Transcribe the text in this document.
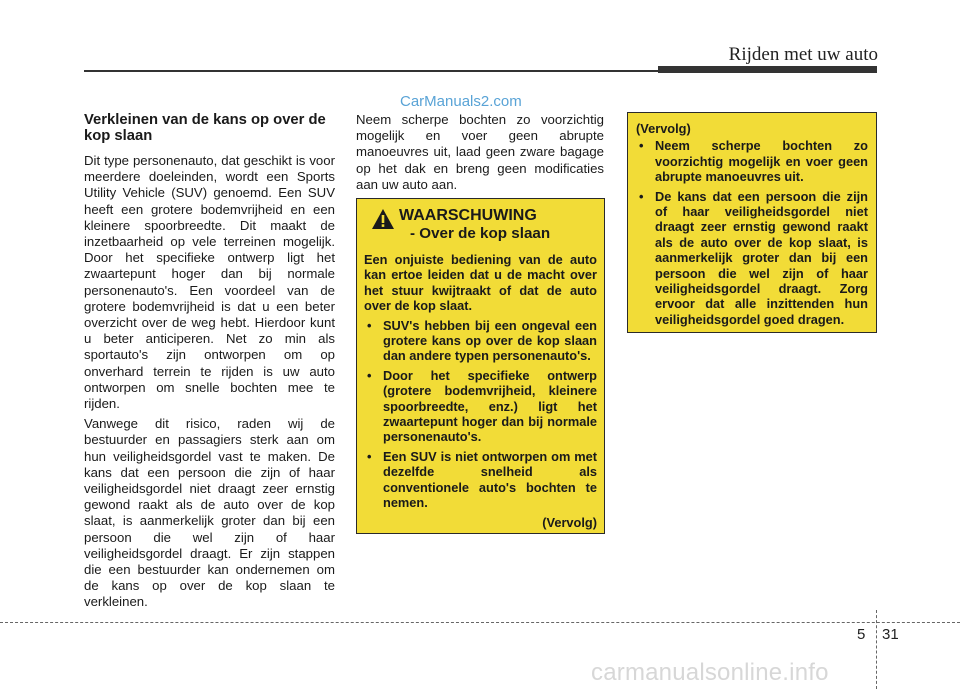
Rijden met uw auto
CarManuals2.com
Verkleinen van de kans op over de kop slaan

Dit type personenauto, dat geschikt is voor meerdere doeleinden, wordt een Sports Utility Vehicle (SUV) genoemd. Een SUV heeft een grotere bodemvrijheid en een kleinere spoorbreedte. Dit maakt de inzetbaarheid op vele terreinen mogelijk. Door het specifieke ontwerp ligt het zwaartepunt hoger dan bij normale personenauto's. Een voordeel van de grotere bodemvrijheid is dat u een beter overzicht over de weg hebt. Hierdoor kunt u beter anticiperen. Net zo min als sportauto's zijn ontworpen om op onverhard terrein te rijden is uw auto ontworpen om snelle bochten mee te rijden.

Vanwege dit risico, raden wij de bestuurder en passagiers sterk aan om hun veiligheidsgordel vast te maken. De kans dat een persoon die zijn of haar veiligheidsgordel niet draagt zeer ernstig gewond raakt als de auto over de kop slaat, is aanmerkelijk groter dan bij een persoon die wel zijn of haar veiligheidsgordel draagt. Er zijn stappen die een bestuurder kan ondernemen om de kans op over de kop slaan te verkleinen.

Neem scherpe bochten zo voorzichtig mogelijk en voer geen abrupte manoeuvres uit, laad geen zware bagage op het dak en breng geen modificaties aan uw auto aan.

WAARSCHUWING
- Over de kop slaan
Een onjuiste bediening van de auto kan ertoe leiden dat u de macht over het stuur kwijtraakt of dat de auto over de kop slaat.
• SUV's hebben bij een ongeval een grotere kans op over de kop slaan dan andere typen personenauto's.
• Door het specifieke ontwerp (grotere bodemvrijheid, kleinere spoorbreedte, enz.) ligt het zwaartepunt hoger dan bij normale personenauto's.
• Een SUV is niet ontworpen om met dezelfde snelheid als conventionele auto's bochten te nemen.
(Vervolg)
(Vervolg)
• Neem scherpe bochten zo voorzichtig mogelijk en voer geen abrupte manoeuvres uit.
• De kans dat een persoon die zijn of haar veiligheidsgordel niet draagt zeer ernstig gewond raakt als de auto over de kop slaat, is aanmerkelijk groter dan bij een persoon die wel zijn of haar veiligheidsgordel draagt. Zorg ervoor dat alle inzittenden hun veiligheidsgordel goed dragen.
5 31
carmanualsonline.info
